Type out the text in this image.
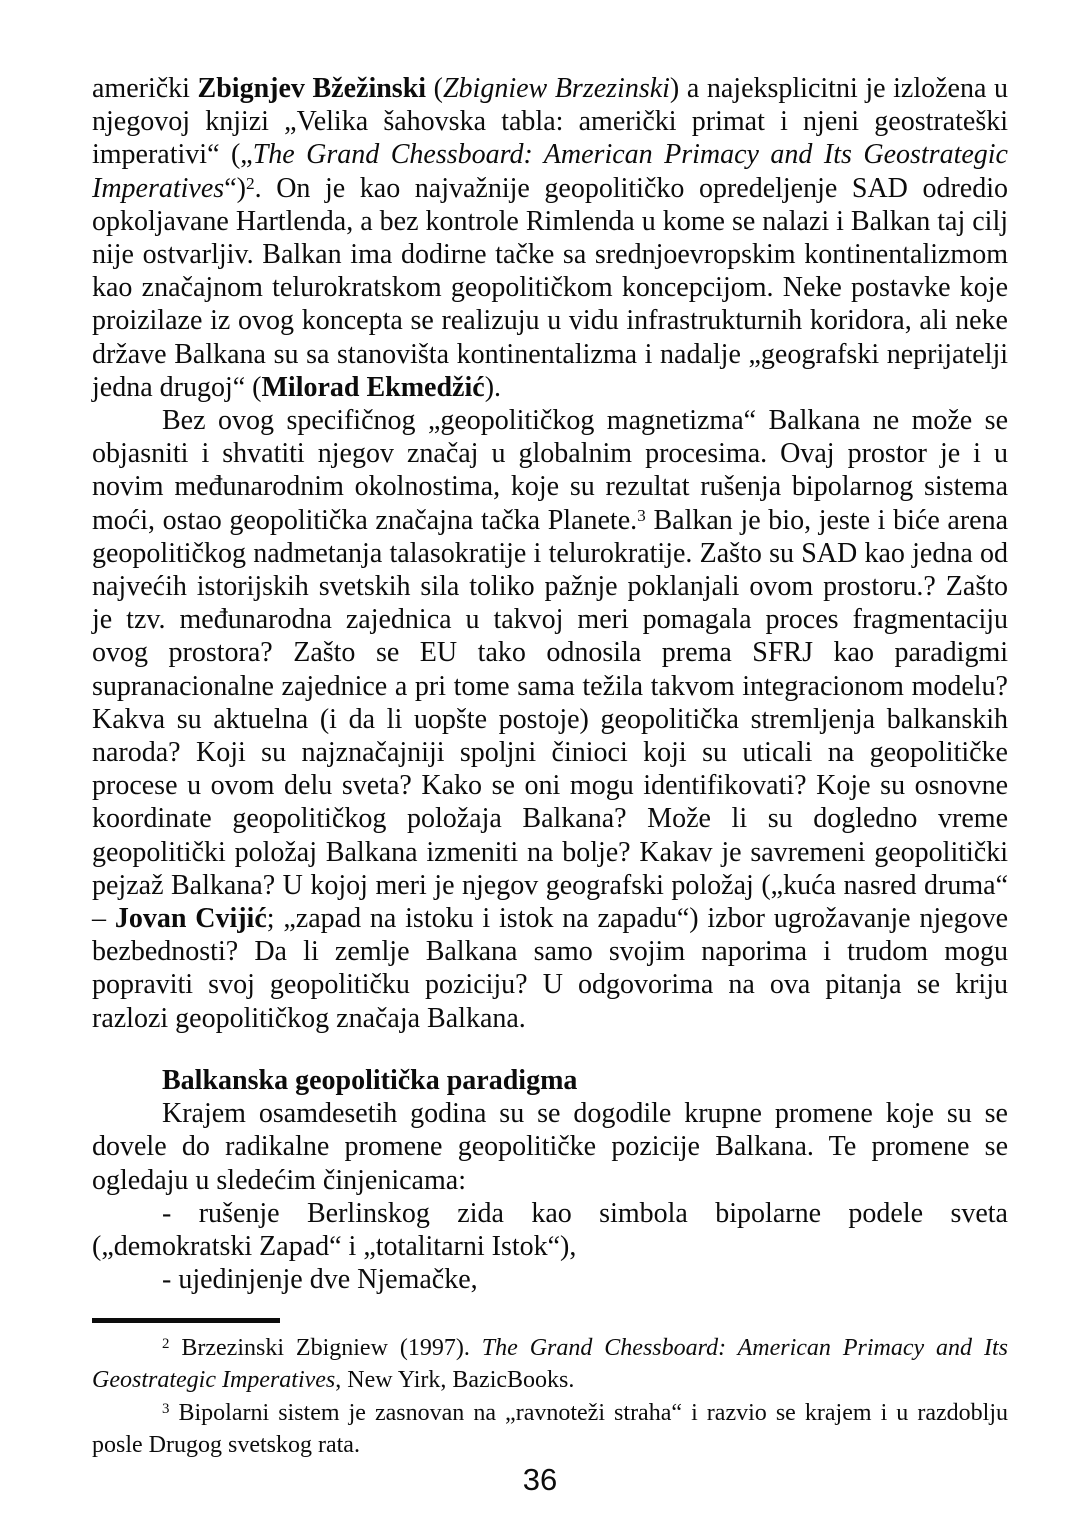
američki Zbignjev Bžežinski (Zbigniew Brzezinski) a najeksplicitni je izložena u njegovoj knjizi „Velika šahovska tabla: američki primat i njeni geostrateški imperativi“ („The Grand Chessboard: American Primacy and Its Geostrategic Imperatives“)$^2$. On je kao najvažnije geopolitičko opredeljenje SAD odredio opkoljavane Hartlenda, a bez kontrole Rimlenda u kome se nalazi i Balkan taj cilj nije ostvarljiv. Balkan ima dodirne tačke sa srednjoevropskim kontinentalizmom kao značajnom telurokratskom geopolitičkom koncepcijom. Neke postavke koje proizilaze iz ovog koncepta se realizuju u vidu infrastrukturnih koridora, ali neke države Balkana su sa stanovišta kontinentalizma i nadalje „geografski neprijatelji jedna drugoj“ (Milorad Ekmedžić).

Bez ovog specifičnog „geopolitičkog magnetizma“ Balkana ne može se objasniti i shvatiti njegov značaj u globalnim procesima. Ovaj prostor je i u novim međunarodnim okolnostima, koje su rezultat rušenja bipolarnog sistema moći, ostao geopolitička značajna tačka Planete.$^3$ Balkan je bio, jeste i biće arena geopolitičkog nadmetanja talasokratije i telurokratije. Zašto su SAD kao jedna od najvećih istorijskih svetskih sila toliko pažnje poklanjali ovom prostoru.? Zašto je tzv. međunarodna zajednica u takvoj meri pomagala proces fragmentaciju ovog prostora? Zašto se EU tako odnosila prema SFRJ kao paradigmi supranacionalne zajednice a pri tome sama težila takvom integracionom modelu? Kakva su aktuelna (i da li uopšte postoje) geopolitička stremljenja balkanskih naroda? Koji su najznačajniji spoljni činioci koji su uticali na geopolitičke procese u ovom delu sveta? Kako se oni mogu identifikovati? Koje su osnovne koordinate geopolitičkog položaja Balkana? Može li su dogledno vreme geopolitički položaj Balkana izmeniti na bolje? Kakav je savremeni geopolitički pejzaž Balkana? U kojoj meri je njegov geografski položaj („kuća nasred druma“ – Jovan Cvijić; „zapad na istoku i istok na zapadu“) izbor ugrožavanje njegove bezbednosti? Da li zemlje Balkana samo svojim naporima i trudom mogu popraviti svoj geopolitičku poziciju? U odgovorima na ova pitanja se kriju razlozi geopolitičkog značaja Balkana.

Balkanska geopolitička paradigma

Krajem osamdesetih godina su se dogodile krupne promene koje su se dovele do radikalne promene geopolitičke pozicije Balkana. Te promene se ogledaju u sledećim činjenicama:

- rušenje Berlinskog zida kao simbola bipolarne podele sveta („demokratski Zapad“ i „totalitarni Istok“),

- ujedinjenje dve Njemačke,

$^2$ Brzezinski Zbigniew (1997). The Grand Chessboard: American Primacy and Its Geostrategic Imperatives, New Yirk, BazicBooks.

$^3$ Bipolarni sistem je zasnovan na „ravnoteži straha“ i razvio se krajem i u razdoblju posle Drugog svetskog rata.

36
